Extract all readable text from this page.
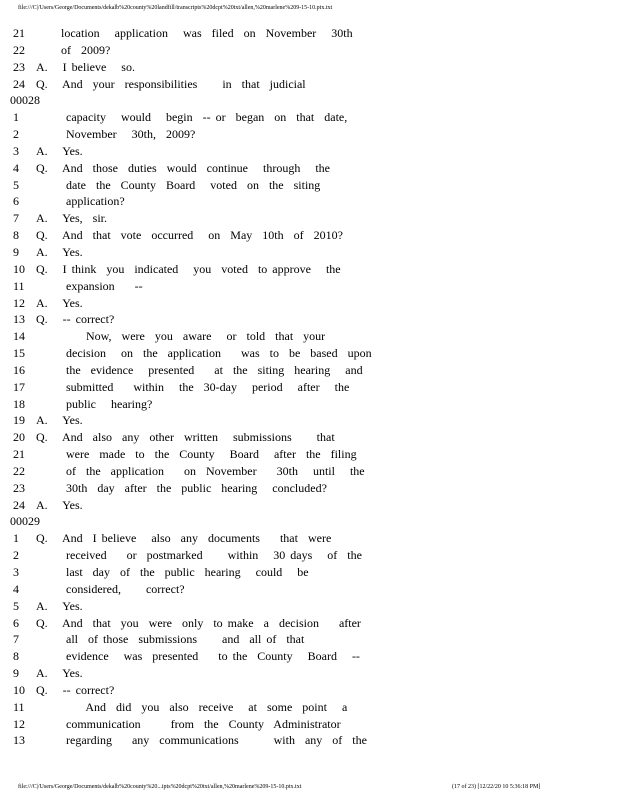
file:///C|/Users/George/Documents/dekalb%20county%20landfill/transcripts%20dcpt%20txt/allen,%20marlene%209-15-10.ptx.txt
21 location   application   was  filed  on  November   30th
22 of  2009?
23 A.   I believe   so.
24 Q.   And  your  responsibilities     in  that  judicial
00028
1	capacity   would   begin  -- or  began  on  that  date,
2	November   30th,  2009?
3	A.   Yes.
4	Q.   And  those  duties  would  continue   through   the
5	date  the  County  Board   voted  on  the  siting
6	application?
7	A.   Yes,  sir.
8	Q.   And  that  vote  occurred   on  May  10th  of  2010?
9	A.   Yes.
10 Q.   I think  you  indicated   you  voted  to approve   the
11 expansion    --
12 A.   Yes.
13 Q.   -- correct?
14 Now,  were  you  aware   or  told  that  your
15 decision   on  the  application    was  to  be  based  upon
16 the  evidence   presented    at  the  siting  hearing   and
17 submitted    within   the  30-day   period   after   the
18 public   hearing?
19 A.   Yes.
20 Q.   And  also  any  other  written   submissions     that
21 were  made  to  the  County   Board   after  the  filing
22 of  the  application    on  November    30th   until   the
23 30th  day  after  the  public  hearing   concluded?
24 A.   Yes.
00029
1	Q.   And  I believe   also  any  documents    that  were
2	received    or  postmarked     within   30 days   of  the
3	last  day  of  the  public  hearing   could   be
4	considered,     correct?
5	A.   Yes.
6	Q.   And  that  you  were  only  to make  a  decision    after
7	all  of those  submissions     and  all of  that
8	evidence   was  presented    to the  County   Board   --
9	A.   Yes.
10 Q.   -- correct?
11 And  did  you  also  receive   at  some  point   a
12 communication      from  the  County  Administrator
13 regarding    any  communications       with  any  of  the
file:///C|/Users/George/Documents/dekalb%20county%20...ipts%20dcpt%20txt/allen,%20marlene%209-15-10.ptx.txt	(17 of 23) [12/22/20 10 5:36:18 PM]
